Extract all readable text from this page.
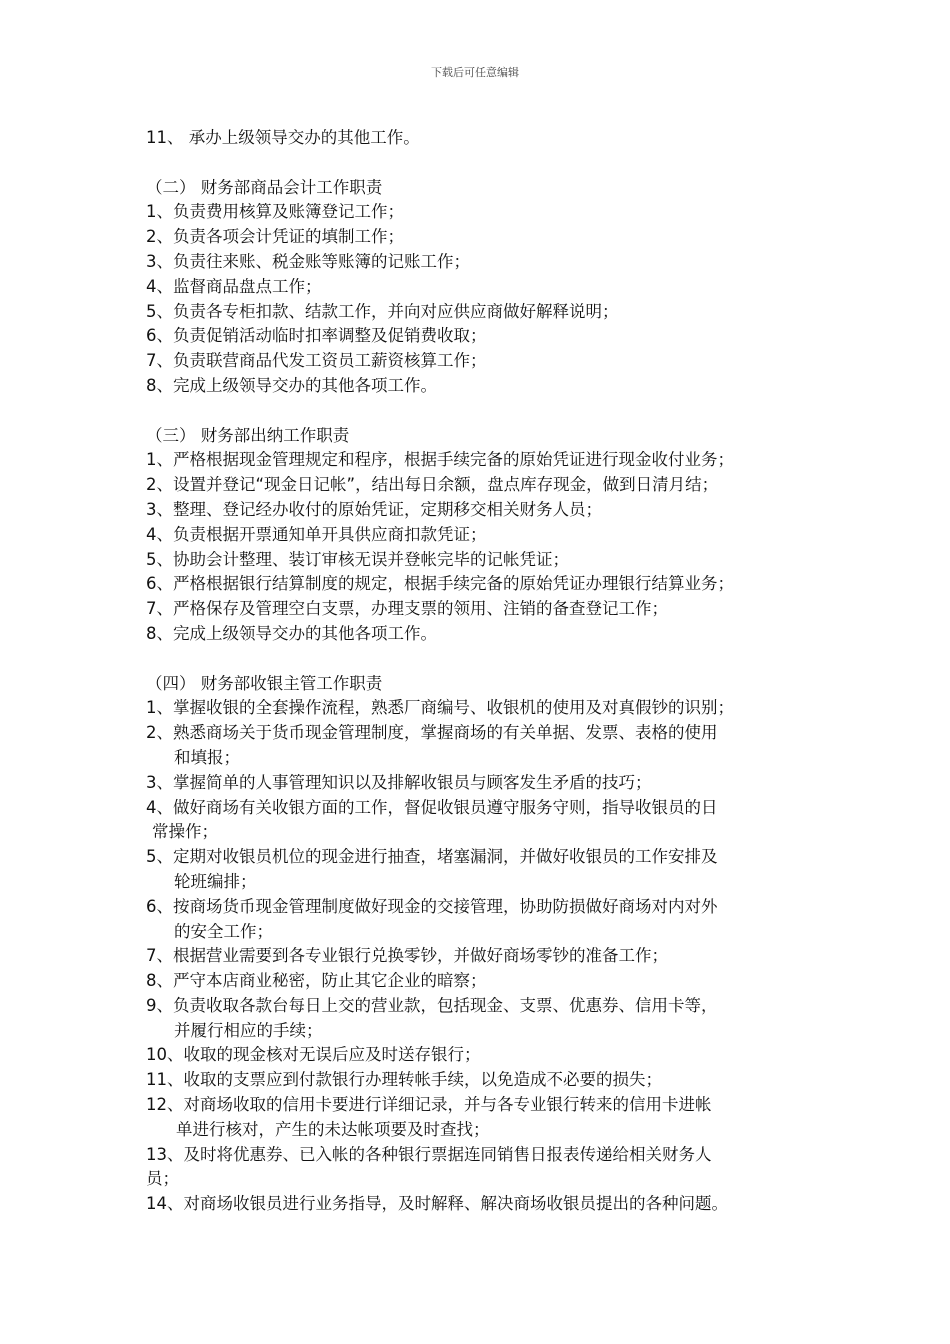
下载后可任意编辑
11、 承办上级领导交办的其他工作。
（二） 财务部商品会计工作职责
1、负责费用核算及账簿登记工作；
2、负责各项会计凭证的填制工作；
3、负责往来账、税金账等账簿的记账工作；
4、监督商品盘点工作；
5、负责各专柜扣款、结款工作，并向对应供应商做好解释说明；
6、负责促销活动临时扣率调整及促销费收取；
7、负责联营商品代发工资员工薪资核算工作；
8、完成上级领导交办的其他各项工作。
（三） 财务部出纳工作职责
1、严格根据现金管理规定和程序，根据手续完备的原始凭证进行现金收付业务；
2、设置并登记“现金日记帐”，结出每日余额，盘点库存现金，做到日清月结；
3、整理、登记经办收付的原始凭证，定期移交相关财务人员；
4、负责根据开票通知单开具供应商扣款凭证；
5、协助会计整理、装订审核无误并登帐完毕的记帐凭证；
6、严格根据银行结算制度的规定，根据手续完备的原始凭证办理银行结算业务；
7、严格保存及管理空白支票，办理支票的领用、注销的备查登记工作；
8、完成上级领导交办的其他各项工作。
（四） 财务部收银主管工作职责
1、掌握收银的全套操作流程，熟悉厂商编号、收银机的使用及对真假钞的识别；
2、熟悉商场关于货币现金管理制度，掌握商场的有关单据、发票、表格的使用
和填报；
3、掌握简单的人事管理知识以及排解收银员与顾客发生矛盾的技巧；
4、做好商场有关收银方面的工作，督促收银员遵守服务守则，指导收银员的日
常操作；
5、定期对收银员机位的现金进行抽查，堵塞漏洞，并做好收银员的工作安排及
轮班编排；
6、按商场货币现金管理制度做好现金的交接管理，协助防损做好商场对内对外
的安全工作；
7、根据营业需要到各专业银行兑换零钞，并做好商场零钞的准备工作；
8、严守本店商业秘密，防止其它企业的暗察；
9、负责收取各款台每日上交的营业款，包括现金、支票、优惠券、信用卡等，
并履行相应的手续；
10、收取的现金核对无误后应及时送存银行；
11、收取的支票应到付款银行办理转帐手续，以免造成不必要的损失；
12、对商场收取的信用卡要进行详细记录，并与各专业银行转来的信用卡进帐
单进行核对，产生的未达帐项要及时查找；
13、及时将优惠券、已入帐的各种银行票据连同销售日报表传递给相关财务人
员；
14、对商场收银员进行业务指导，及时解释、解决商场收银员提出的各种问题。
